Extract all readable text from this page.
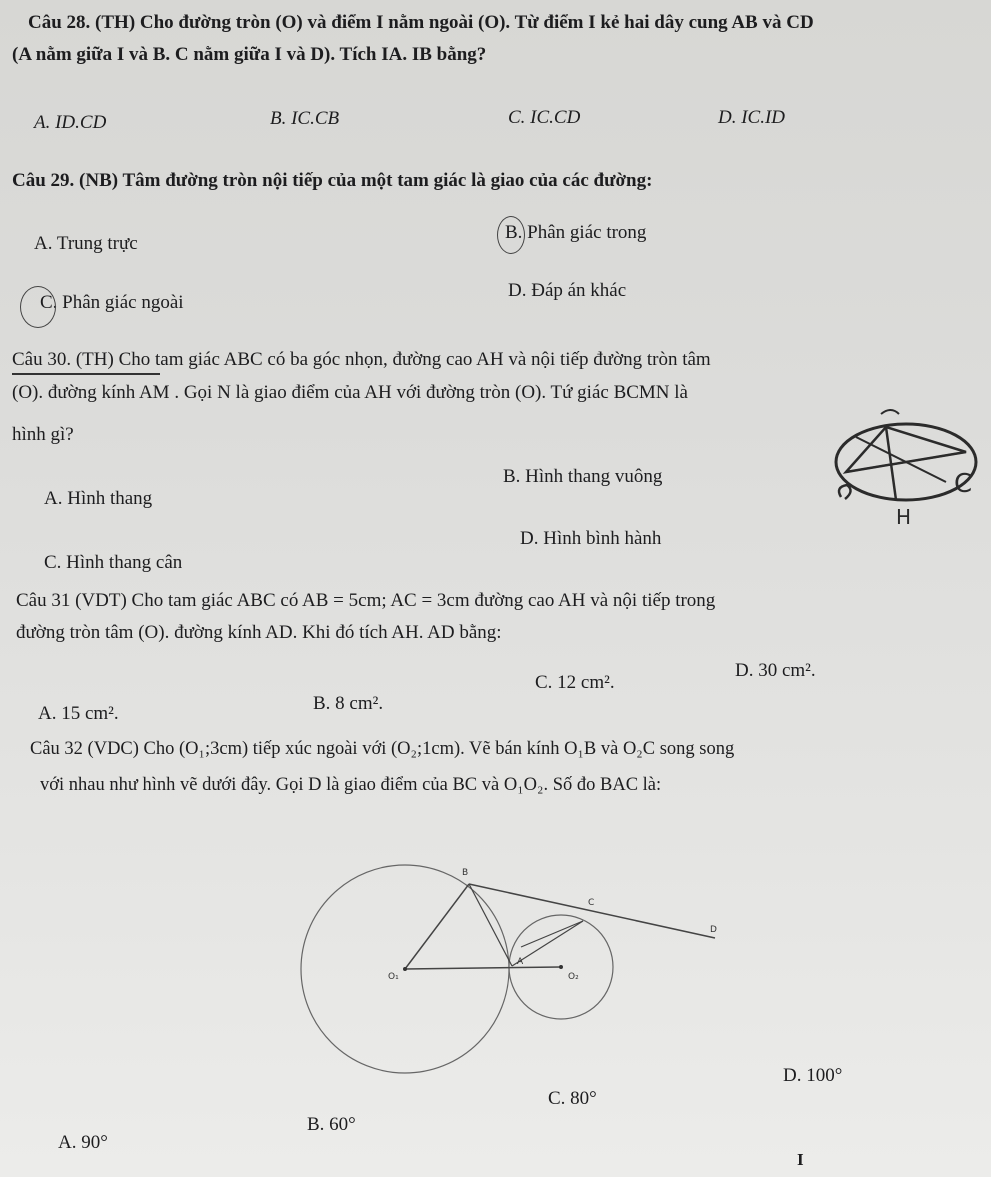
Câu 28. (TH) Cho đường tròn (O) và điểm I nằm ngoài (O). Từ điểm I kẻ hai dây cung AB và CD
(A nằm giữa I và B. C nằm giữa I và D). Tích IA. IB bằng?
A. ID.CD	B. IC.CB	C. IC.CD	D. IC.ID
Câu 29. (NB) Tâm đường tròn nội tiếp của một tam giác là giao của các đường:
A. Trung trực
B. Phân giác trong
C. Phân giác ngoài
D. Đáp án khác
Câu 30. (TH) Cho tam giác ABC có ba góc nhọn, đường cao AH và nội tiếp đường tròn tâm
(O). đường kính AM . Gọi N là giao điểm của AH với đường tròn (O). Tứ giác BCMN là
hình gì?
B. Hình thang vuông
A. Hình thang
D. Hình bình hành
C. Hình thang cân
C
H
Câu 31 (VDT) Cho tam giác ABC có AB = 5cm; AC = 3cm đường cao AH và nội tiếp trong
đường tròn tâm (O). đường kính AD. Khi đó tích AH. AD bằng:
D. 30 cm².
C. 12 cm².
B. 8 cm².
A. 15 cm².
Câu 32 (VDC) Cho (O₁;3cm) tiếp xúc ngoài với (O₂;1cm). Vẽ bán kính O₁B và O₂C song song
với nhau như hình vẽ dưới đây. Gọi D là giao điểm của BC và O₁O₂. Số đo BAC là:
B
C
D
A
O₁	O₂
D. 100°
C. 80°
B. 60°
A. 90°
I
